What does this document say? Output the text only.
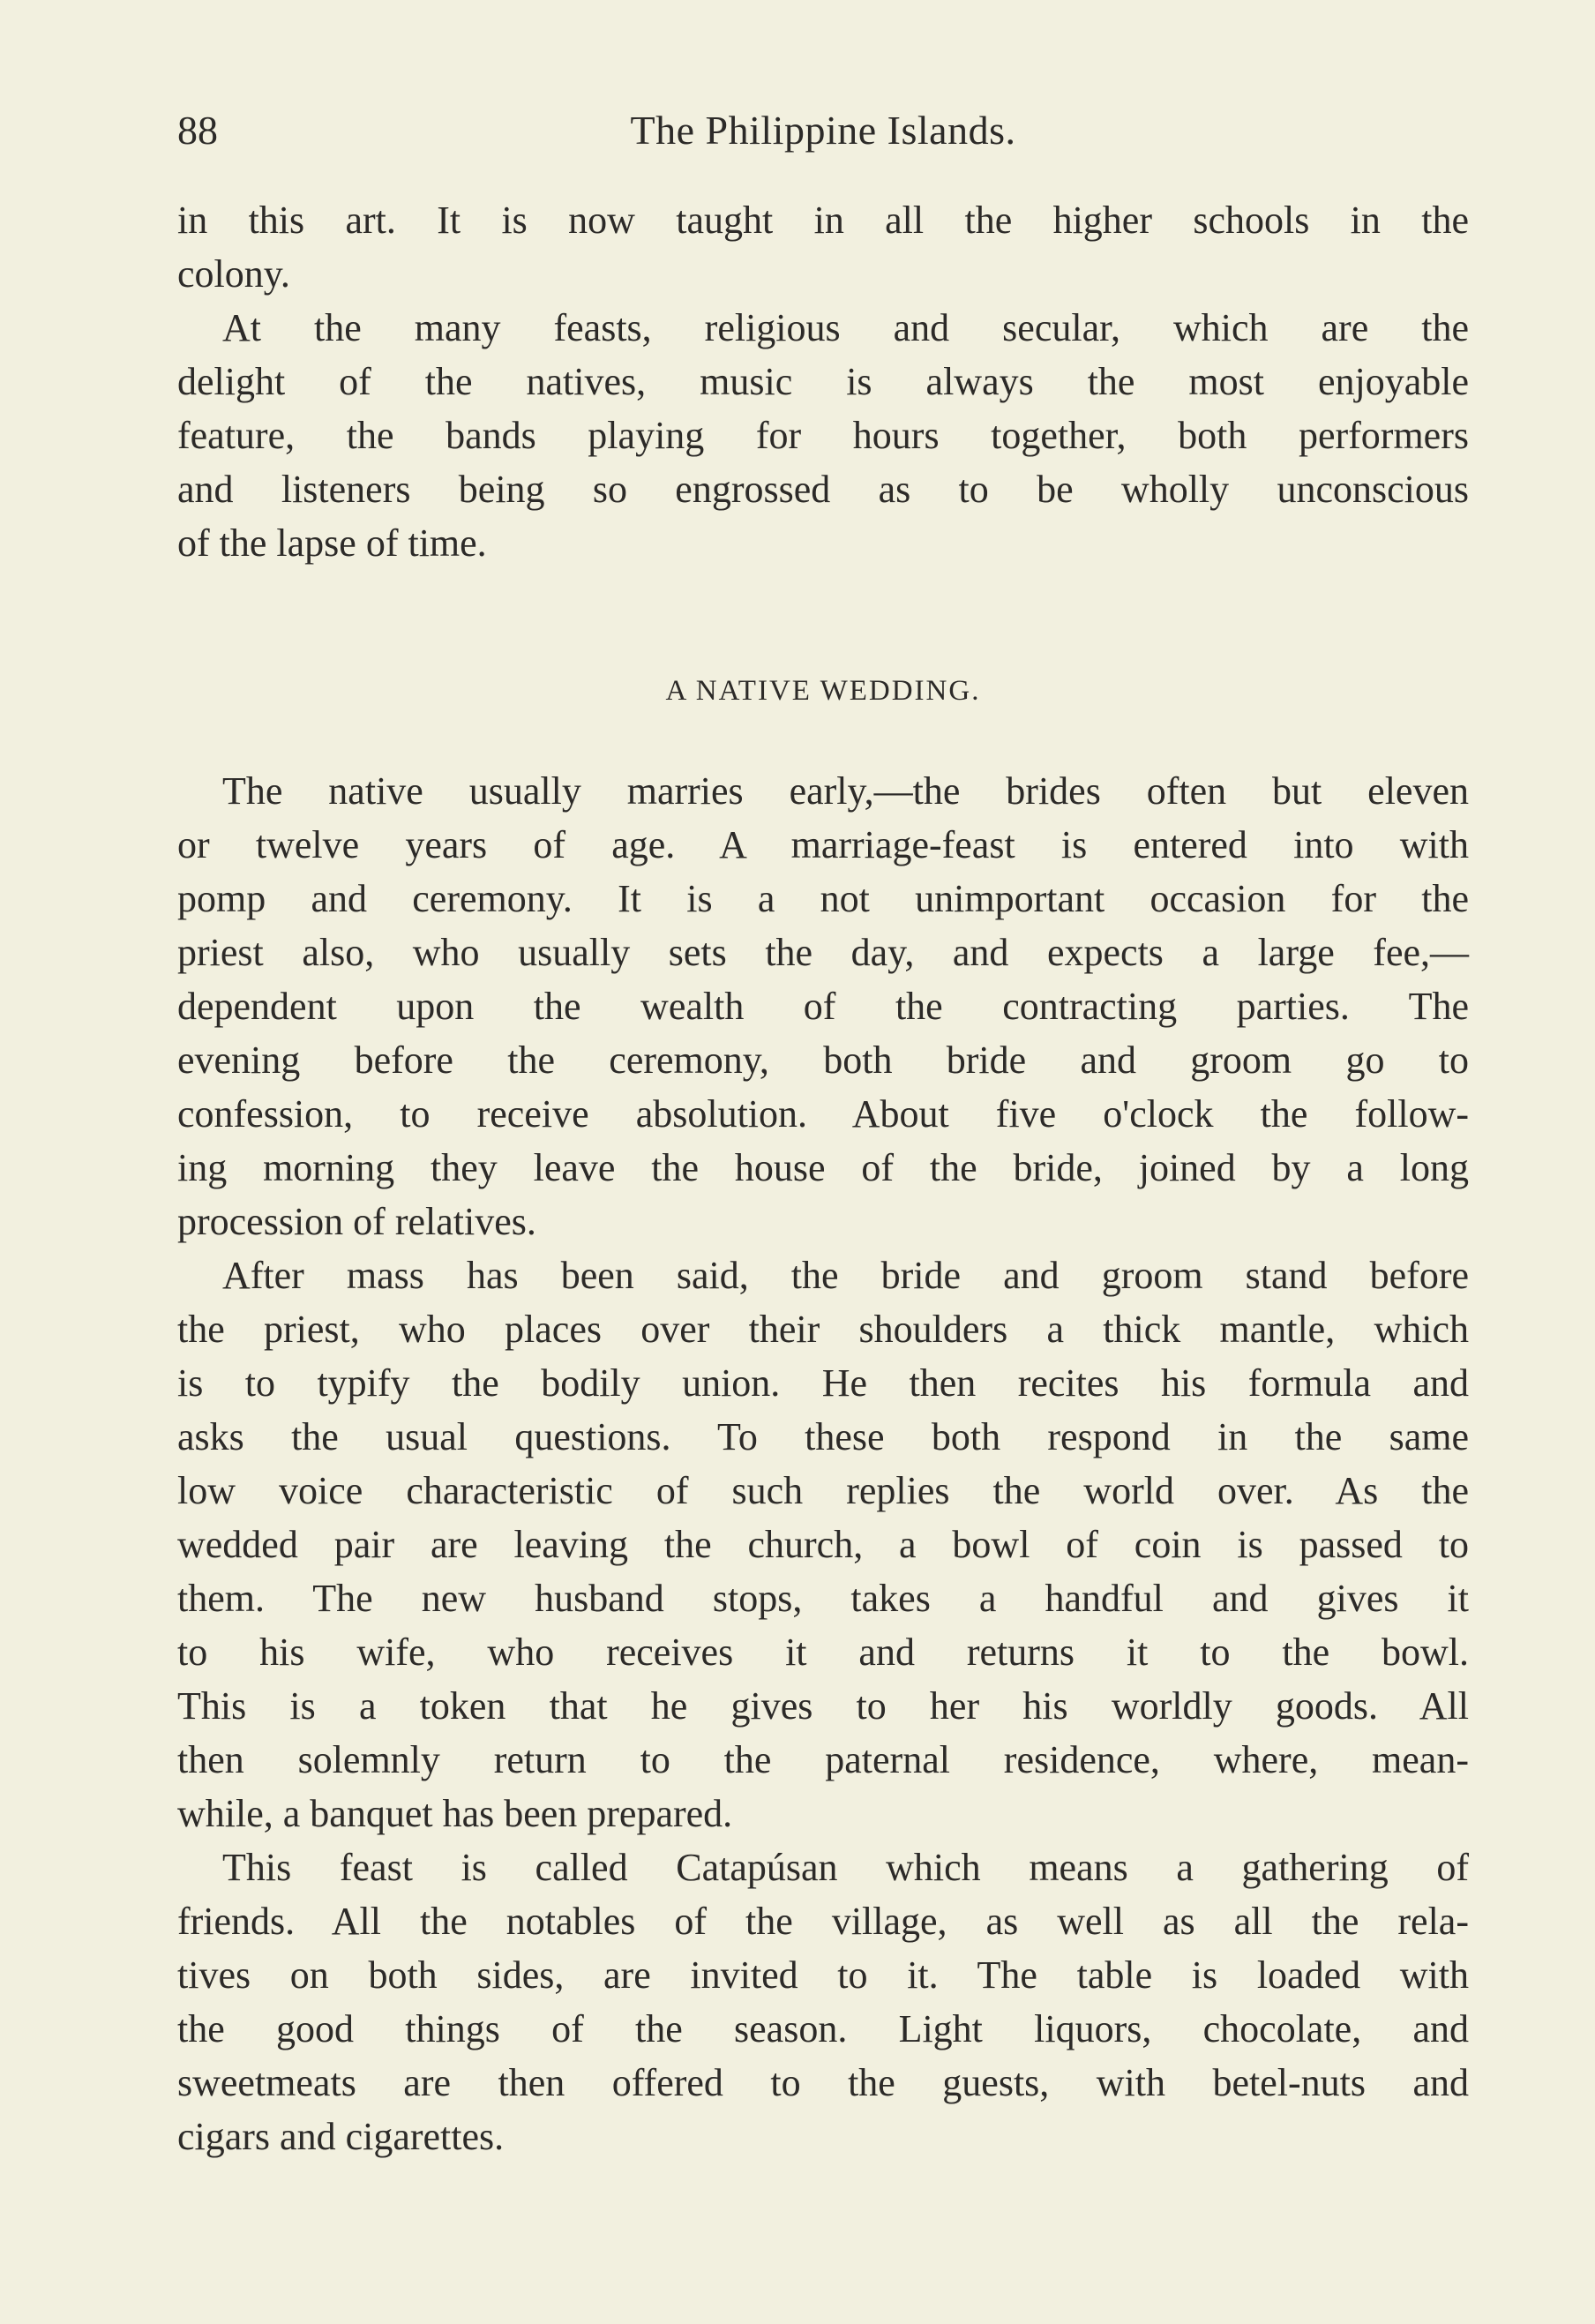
88	The Philippine Islands.
in this art. It is now taught in all the higher schools in the
colony.
At the many feasts, religious and secular, which are the
delight of the natives, music is always the most enjoyable
feature, the bands playing for hours together, both performers
and listeners being so engrossed as to be wholly unconscious
of the lapse of time.
A NATIVE WEDDING.
The native usually marries early,—the brides often but eleven
or twelve years of age. A marriage-feast is entered into with
pomp and ceremony. It is a not unimportant occasion for the
priest also, who usually sets the day, and expects a large fee,—
dependent upon the wealth of the contracting parties. The
evening before the ceremony, both bride and groom go to
confession, to receive absolution. About five o'clock the follow-
ing morning they leave the house of the bride, joined by a long
procession of relatives.
After mass has been said, the bride and groom stand before
the priest, who places over their shoulders a thick mantle, which
is to typify the bodily union. He then recites his formula and
asks the usual questions. To these both respond in the same
low voice characteristic of such replies the world over. As the
wedded pair are leaving the church, a bowl of coin is passed to
them. The new husband stops, takes a handful and gives it
to his wife, who receives it and returns it to the bowl.
This is a token that he gives to her his worldly goods. All
then solemnly return to the paternal residence, where, mean-
while, a banquet has been prepared.
This feast is called Catapúsan which means a gathering of
friends. All the notables of the village, as well as all the rela-
tives on both sides, are invited to it. The table is loaded with
the good things of the season. Light liquors, chocolate, and
sweetmeats are then offered to the guests, with betel-nuts and
cigars and cigarettes.
